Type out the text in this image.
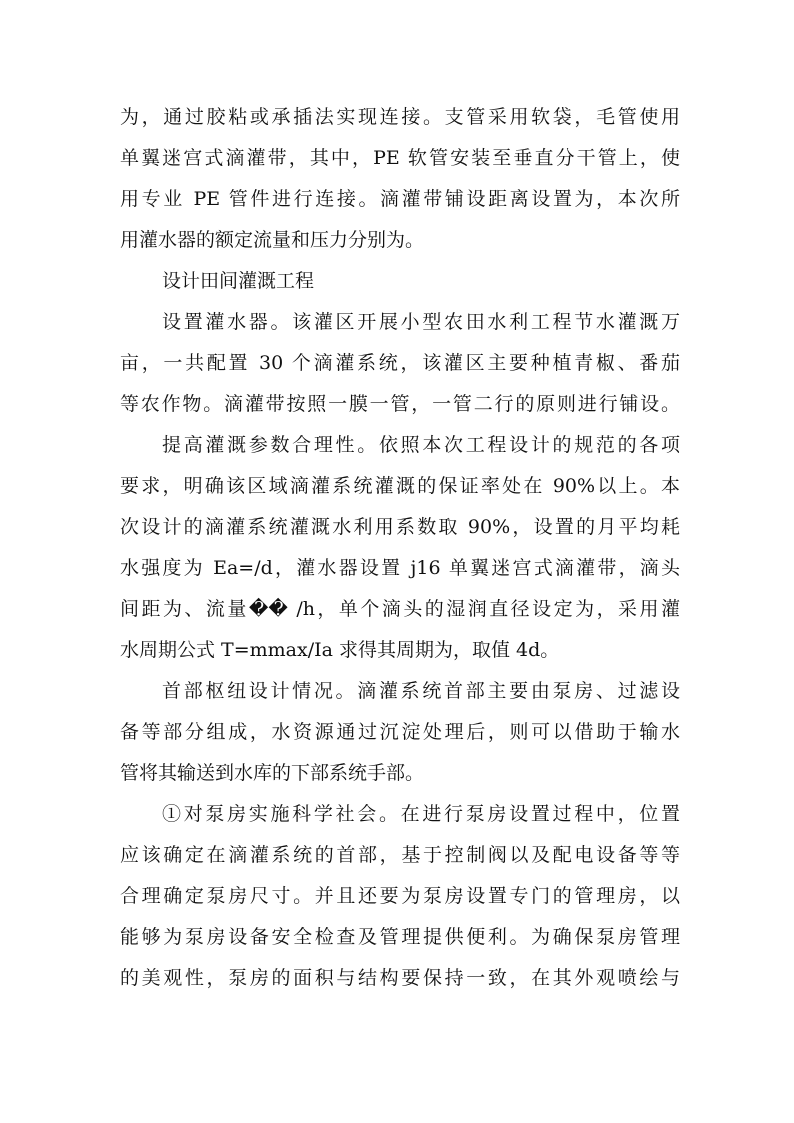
为，通过胶粘或承插法实现连接。支管采用软袋，毛管使用
单翼迷宫式滴灌带，其中，PE 软管安装至垂直分干管上，使
用专业 PE 管件进行连接。滴灌带铺设距离设置为，本次所
用灌水器的额定流量和压力分别为。
设计田间灌溉工程
设置灌水器。该灌区开展小型农田水利工程节水灌溉万
亩，一共配置 30 个滴灌系统，该灌区主要种植青椒、番茄
等农作物。滴灌带按照一膜一管，一管二行的原则进行铺设。
提高灌溉参数合理性。依照本次工程设计的规范的各项
要求，明确该区域滴灌系统灌溉的保证率处在 90%以上。本
次设计的滴灌系统灌溉水利用系数取 90%，设置的月平均耗
水强度为 Ea=/d，灌水器设置 j16 单翼迷宫式滴灌带，滴头
间距为、流量�� /h，单个滴头的湿润直径设定为，采用灌
水周期公式 T=mmax/Ia 求得其周期为，取值 4d。
首部枢纽设计情况。滴灌系统首部主要由泵房、过滤设
备等部分组成，水资源通过沉淀处理后，则可以借助于输水
管将其输送到水库的下部系统手部。
①对泵房实施科学社会。在进行泵房设置过程中，位置
应该确定在滴灌系统的首部，基于控制阀以及配电设备等等
合理确定泵房尺寸。并且还要为泵房设置专门的管理房，以
能够为泵房设备安全检查及管理提供便利。为确保泵房管理
的美观性，泵房的面积与结构要保持一致，在其外观喷绘与
